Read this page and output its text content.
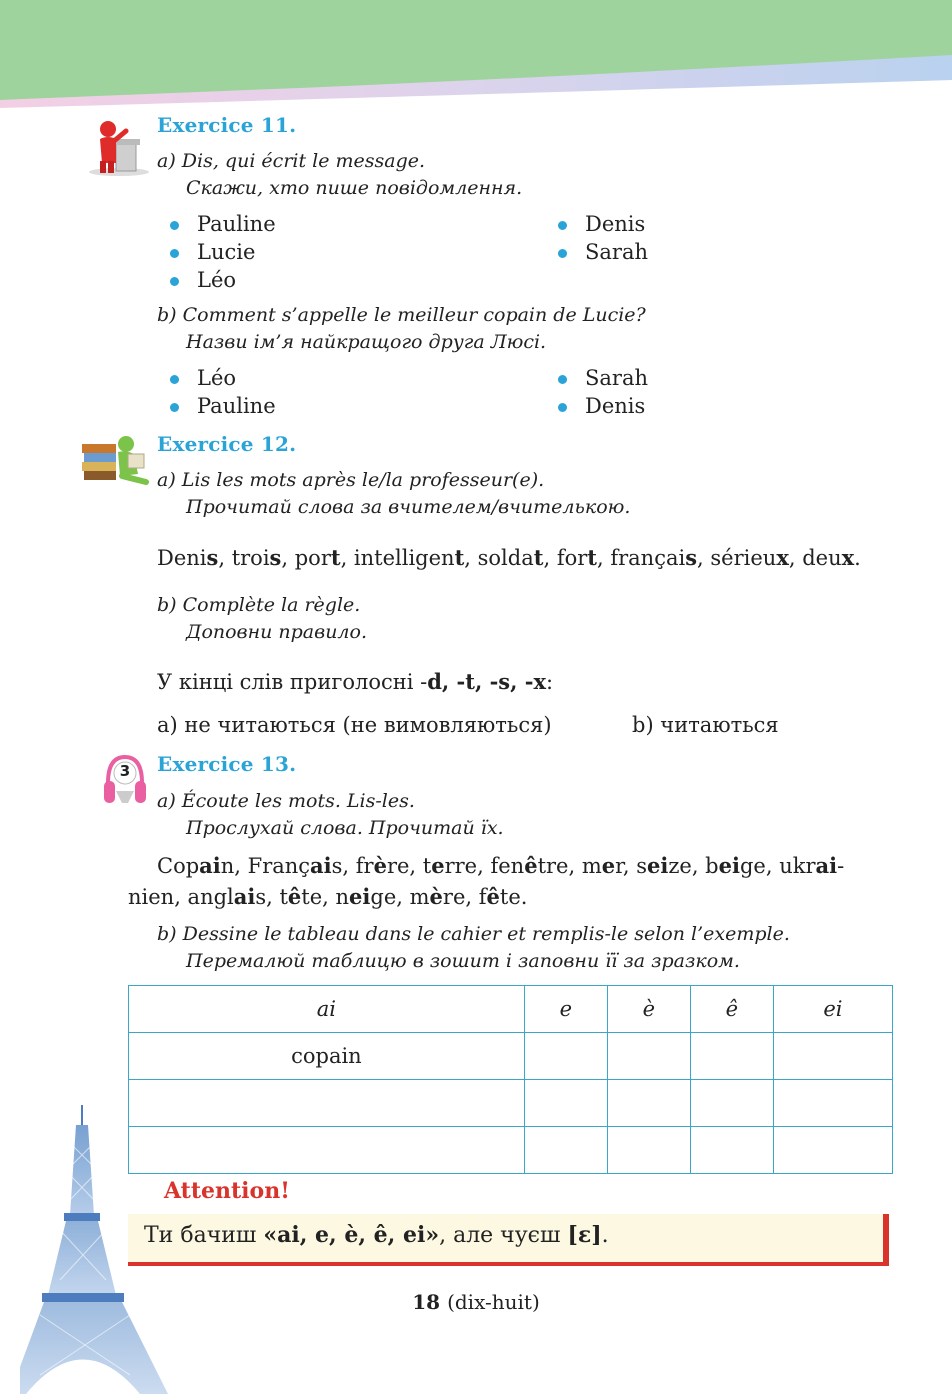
Exercice 11.
a) Dis, qui écrit le message.
Скажи, хто пише повідомлення.
Pauline
Lucie
Léo
Denis
Sarah
b) Comment s’appelle le meilleur copain de Lucie?
Назви ім’я найкращого друга Люсі.
Léo
Pauline
Sarah
Denis
Exercice 12.
a) Lis les mots après le/la professeur(e).
Прочитай слова за вчителем/вчителькою.
Denis, trois, port, intelligent, soldat, fort, français, sérieux, deux.
b) Complète la règle.
Доповни правило.
У кінці слів приголосні -d, -t, -s, -x:
a) не читаються (не вимовляються)	b) читаються
3 Exercice 13.
a) Écoute les mots. Lis-les.
Прослухай слова. Прочитай їх.
Copain, Français, frère, terre, fenêtre, mer, seize, beige, ukrai-
nien, anglais, tête, neige, mère, fête.
b) Dessine le tableau dans le cahier et remplis-le selon l’exemple.
Перемалюй таблицю в зошит і заповни її за зразком.
ai	e	è	ê	ei
copain				

Attention!
Ти бачиш «ai, e, è, ê, ei», але чуєш [ε].
18 (dix-huit)
